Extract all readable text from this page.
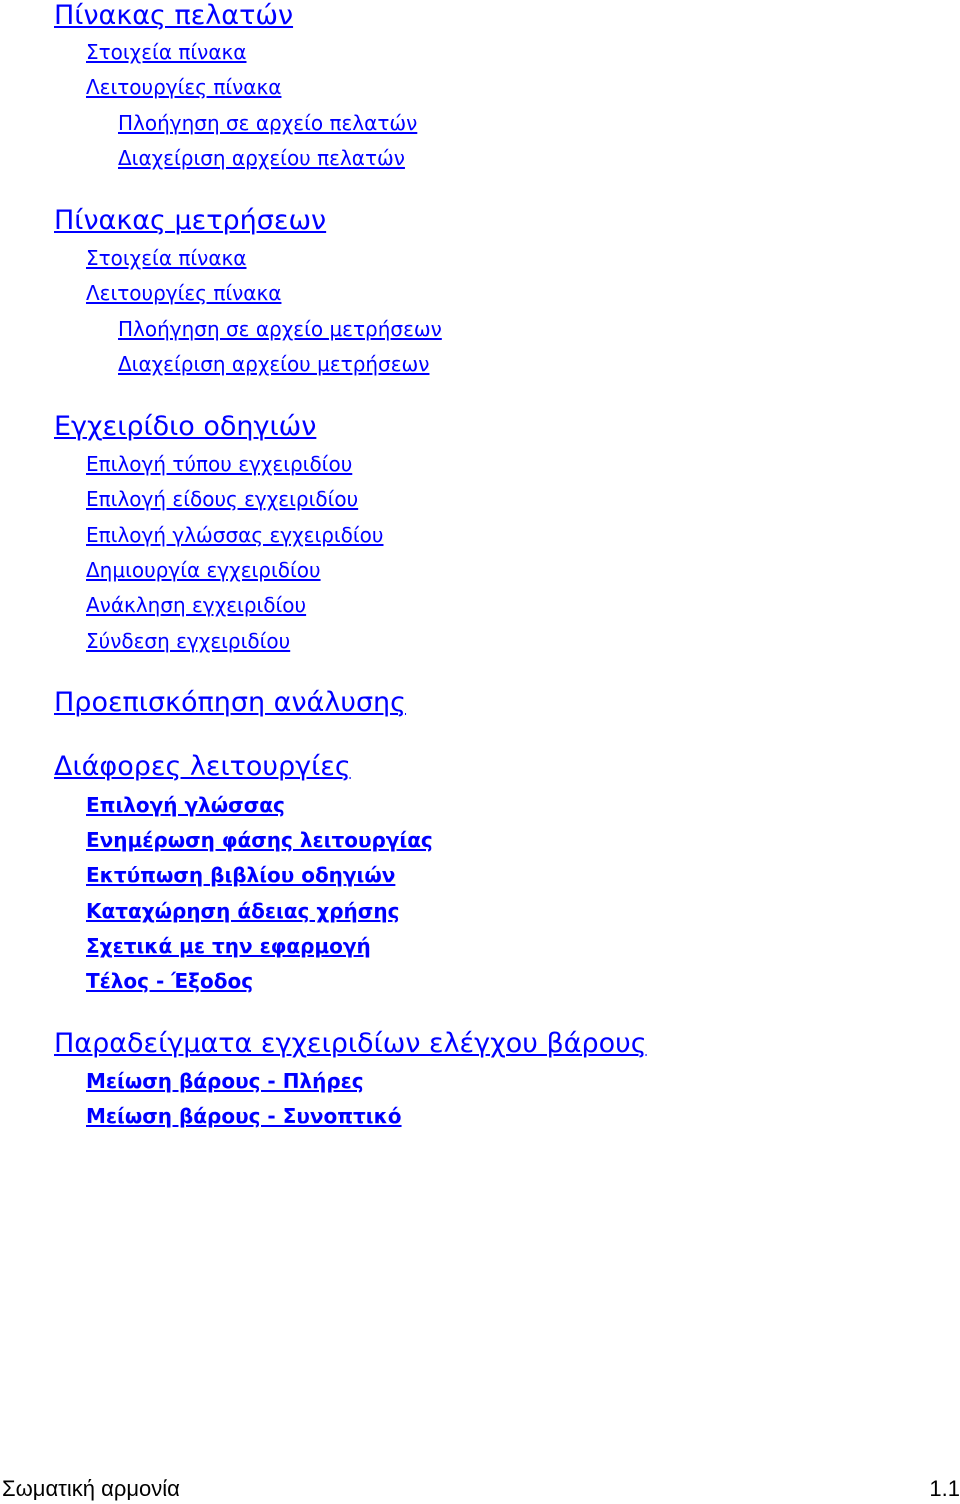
Πίνακας πελατών
Στοιχεία πίνακα
Λειτουργίες πίνακα
Πλοήγηση σε αρχείο πελατών
Διαχείριση αρχείου πελατών
Πίνακας μετρήσεων
Στοιχεία πίνακα
Λειτουργίες πίνακα
Πλοήγηση σε αρχείο μετρήσεων
Διαχείριση αρχείου μετρήσεων
Εγχειρίδιο οδηγιών
Επιλογή τύπου εγχειριδίου
Επιλογή είδους εγχειριδίου
Επιλογή γλώσσας εγχειριδίου
Δημιουργία εγχειριδίου
Ανάκληση εγχειριδίου
Σύνδεση εγχειριδίου
Προεπισκόπηση ανάλυσης
Διάφορες λειτουργίες
Επιλογή γλώσσας
Ενημέρωση φάσης λειτουργίας
Εκτύπωση βιβλίου οδηγιών
Καταχώρηση άδειας χρήσης
Σχετικά με την εφαρμογή
Τέλος - Έξοδος
Παραδείγματα εγχειριδίων ελέγχου βάρους
Μείωση βάρους - Πλήρες
Μείωση βάρους - Συνοπτικό
Σωματική αρμονία	1.1
